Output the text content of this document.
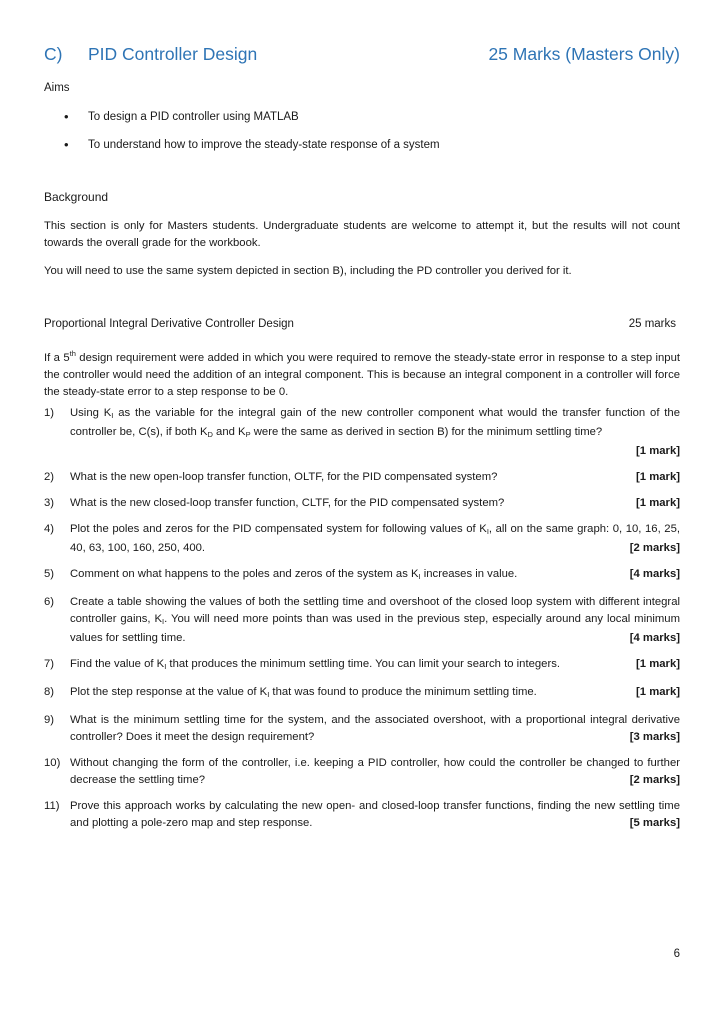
C) PID Controller Design	25 Marks (Masters Only)
Aims
• To design a PID controller using MATLAB
• To understand how to improve the steady-state response of a system
Background
This section is only for Masters students. Undergraduate students are welcome to attempt it, but the results will not count towards the overall grade for the workbook.
You will need to use the same system depicted in section B), including the PD controller you derived for it.
Proportional Integral Derivative Controller Design	25 marks
If a 5th design requirement were added in which you were required to remove the steady-state error in response to a step input the controller would need the addition of an integral component. This is because an integral component in a controller will force the steady-state error to a step response to be 0.
1) Using $K_I$ as the variable for the integral gain of the new controller component what would the transfer function of the controller be, C(s), if both $K_D$ and $K_P$ were the same as derived in section B) for the minimum settling time?
[1 mark]
2)	[1 mark]
What is the new open-loop transfer function, OLTF, for the PID compensated system?
3)	[1 mark]
What is the new closed-loop transfer function, CLTF, for the PID compensated system?
4) Plot the poles and zeros for the PID compensated system for following values of $K_I$, all on the same graph: 0, 10, 16, 25, 40, 63, 100, 160, 250, 400.	[2 marks]
5)	[4 marks]
Comment on what happens to the poles and zeros of the system as $K_I$ increases in value.
6) Create a table showing the values of both the settling time and overshoot of the closed loop system with different integral controller gains, $K_I$. You will need more points than was used in the previous step, especially around any local minimum values for settling time.	[4 marks]
7)	[1 mark]
Find the value of $K_I$ that produces the minimum settling time. You can limit your search to integers.
8)	[1 mark]
Plot the step response at the value of $K_I$ that was found to produce the minimum settling time.
9) What is the minimum settling time for the system, and the associated overshoot, with a proportional integral derivative controller? Does it meet the design requirement?	[3 marks]
10) Without changing the form of the controller, i.e. keeping a PID controller, how could the controller be changed to further decrease the settling time?	[2 marks]
11) Prove this approach works by calculating the new open- and closed-loop transfer functions, finding the new settling time and plotting a pole-zero map and step response.	[5 marks]
6
